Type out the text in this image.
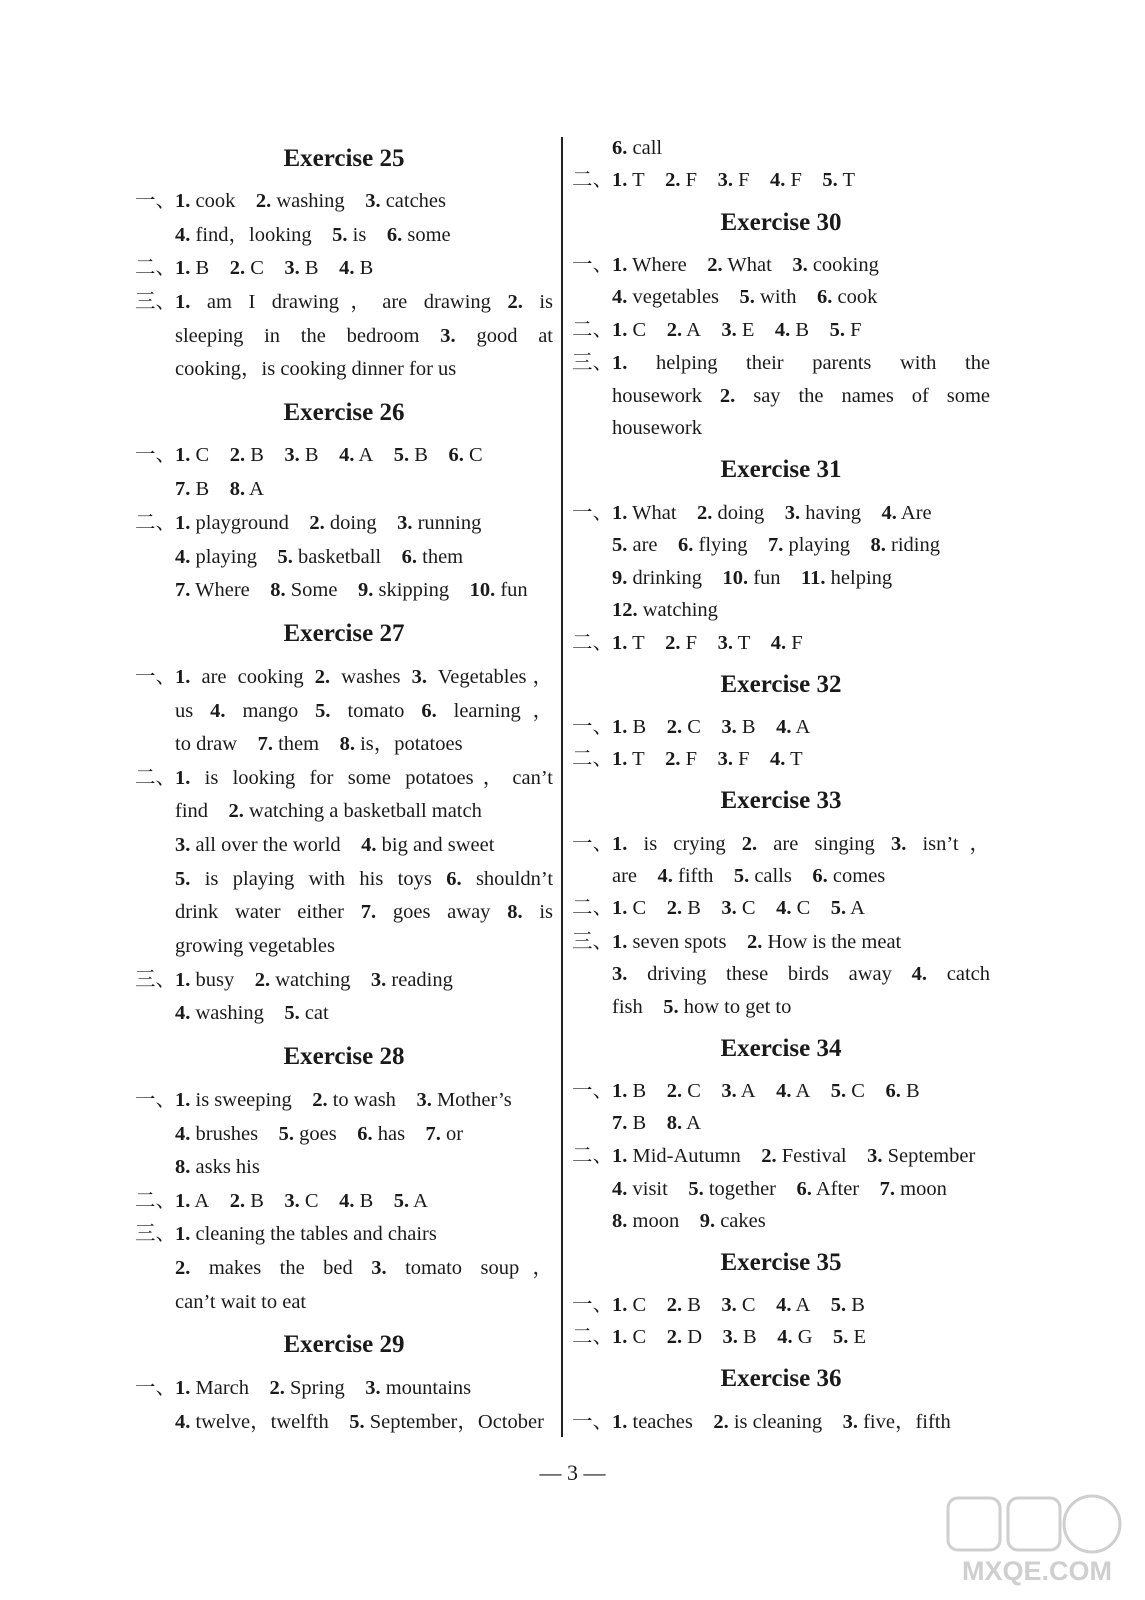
Exercise 25
一、1. cook  2. washing  3. catches
4. find，looking  5. is  6. some
二、1. B  2. C  3. B  4. B
三、1. am I drawing，are drawing 2. is
sleeping in the bedroom 3. good at
cooking，is cooking dinner for us
Exercise 26
一、1. C  2. B  3. B  4. A  5. B  6. C
7. B  8. A
二、1. playground  2. doing  3. running
4. playing  5. basketball  6. them
7. Where  8. Some  9. skipping  10. fun
Exercise 27
一、1. are cooking 2. washes 3. Vegetables，
us 4. mango 5. tomato 6. learning，
to draw  7. them  8. is，potatoes
二、1. is looking for some potatoes，can’t
find  2. watching a basketball match
3. all over the world  4. big and sweet
5. is playing with his toys 6. shouldn’t
drink water either 7. goes away 8. is
growing vegetables
三、1. busy  2. watching  3. reading
4. washing  5. cat
Exercise 28
一、1. is sweeping  2. to wash  3. Mother’s
4. brushes  5. goes  6. has  7. or
8. asks his
二、1. A  2. B  3. C  4. B  5. A
三、1. cleaning the tables and chairs
2. makes the bed 3. tomato soup，
can’t wait to eat
Exercise 29
一、1. March  2. Spring  3. mountains
4. twelve，twelfth  5. September，October
6. call
二、1. T  2. F  3. F  4. F  5. T
Exercise 30
一、1. Where  2. What  3. cooking
4. vegetables  5. with  6. cook
二、1. C  2. A  3. E  4. B  5. F
三、1. helping their parents with the
housework 2. say the names of some
housework
Exercise 31
一、1. What  2. doing  3. having  4. Are
5. are  6. flying  7. playing  8. riding
9. drinking  10. fun  11. helping
12. watching
二、1. T  2. F  3. T  4. F
Exercise 32
一、1. B  2. C  3. B  4. A
二、1. T  2. F  3. F  4. T
Exercise 33
一、1. is crying 2. are singing 3. isn’t，
are  4. fifth  5. calls  6. comes
二、1. C  2. B  3. C  4. C  5. A
三、1. seven spots  2. How is the meat
3. driving these birds away 4. catch
fish  5. how to get to
Exercise 34
一、1. B  2. C  3. A  4. A  5. C  6. B
7. B  8. A
二、1. Mid-Autumn  2. Festival  3. September
4. visit  5. together  6. After  7. moon
8. moon  9. cakes
Exercise 35
一、1. C  2. B  3. C  4. A  5. B
二、1. C  2. D  3. B  4. G  5. E
Exercise 36
一、1. teaches  2. is cleaning  3. five，fifth
— 3 —
MXQE.COM
